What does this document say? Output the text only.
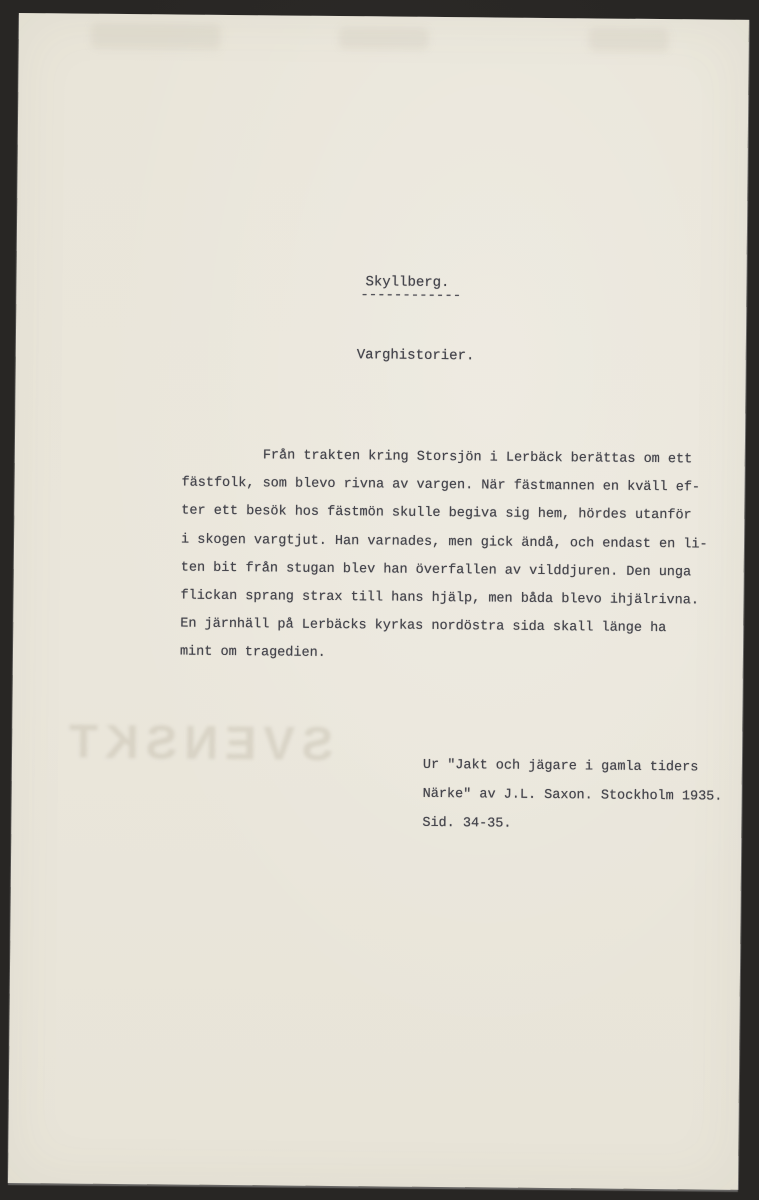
SVENSKT
Skyllberg.
------------
Varghistorier.
Från trakten kring Storsjön i Lerbäck berättas om ett
fästfolk, som blevo rivna av vargen. När fästmannen en kväll ef-
ter ett besök hos fästmön skulle begiva sig hem, hördes utanför
i skogen vargtjut. Han varnades, men gick ändå, och endast en li-
ten bit från stugan blev han överfallen av vilddjuren. Den unga
flickan sprang strax till hans hjälp, men båda blevo ihjälrivna.
En järnhäll på Lerbäcks kyrkas nordöstra sida skall länge ha
mint om tragedien.
Ur "Jakt och jägare i gamla tiders
Närke" av J.L. Saxon. Stockholm 1935.
Sid. 34-35.
